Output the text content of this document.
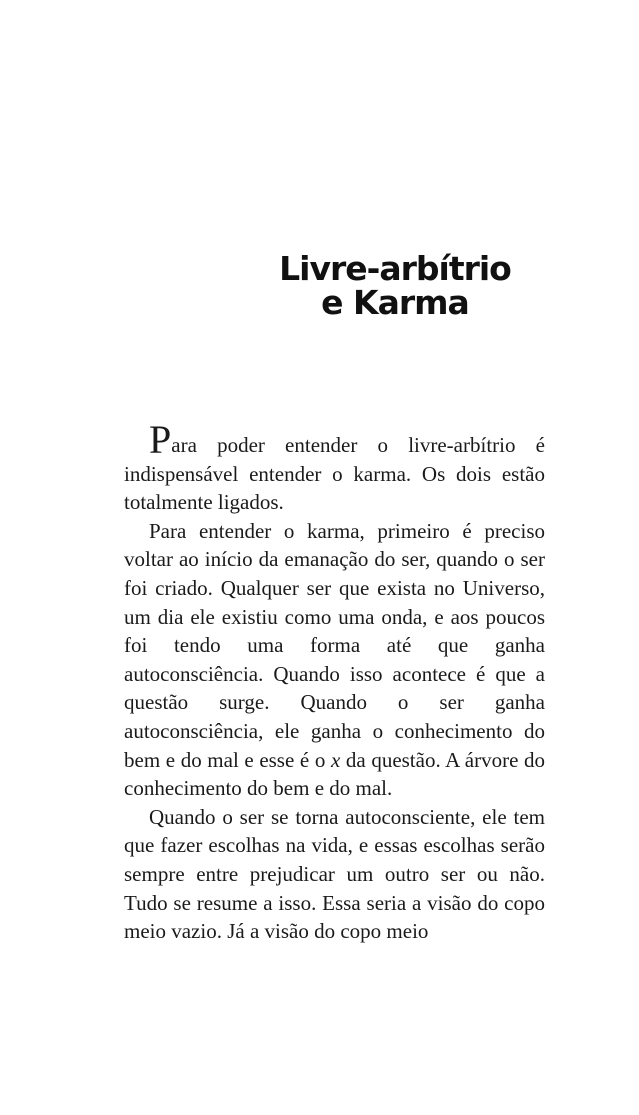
Livre-arbítrio
e Karma

Para poder entender o livre-arbítrio é indispensável entender o karma. Os dois estão totalmente ligados.

Para entender o karma, primeiro é preciso voltar ao início da emanação do ser, quando o ser foi criado. Qualquer ser que exista no Universo, um dia ele existiu como uma onda, e aos poucos foi tendo uma forma até que ganha autoconsciência. Quando isso acontece é que a questão surge. Quando o ser ganha autoconsciência, ele ganha o conhecimento do bem e do mal e esse é o x da questão. A árvore do conhecimento do bem e do mal.

Quando o ser se torna autoconsciente, ele tem que fazer escolhas na vida, e essas escolhas serão sempre entre prejudicar um outro ser ou não. Tudo se resume a isso. Essa seria a visão do copo meio vazio. Já a visão do copo meio
